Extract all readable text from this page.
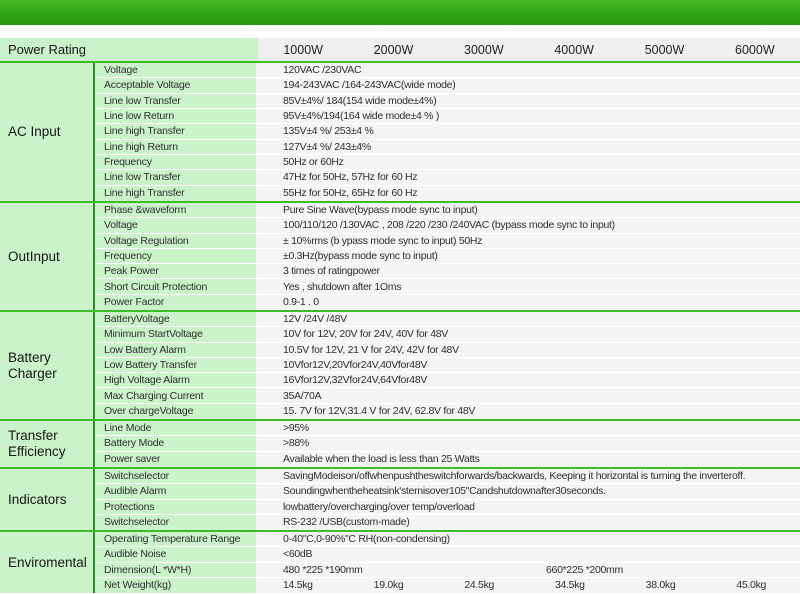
Power Rating	1000W	2000W	3000W	4000W	5000W	6000W
AC Input
Voltage	120VAC /230VAC
Acceptable Voltage	194-243VAC /164-243VAC(wide mode)
Line low Transfer	85V±4%/ 184(154 wide mode±4%)
Line low Return	95V±4%/194(164 wide mode±4 % )
Line high Transfer	135V±4 %/ 253±4 %
Line high Return	127V±4 %/ 243±4%
Frequency	50Hz or 60Hz
Line low Transfer	47Hz for 50Hz, 57Hz for 60 Hz
Line high Transfer	55Hz for 50Hz, 65Hz for 60 Hz
OutInput
Phase &waveform	Pure Sine Wave(bypass mode sync to input)
Voltage	100/110/120 /130VAC , 208 /220 /230 /240VAC (bypass mode sync to input)
Voltage Regulation	± 10%rms (b ypass mode sync to input) 50Hz
Frequency	±0.3Hz(bypass mode sync to input)
Peak Power	3 times of ratingpower
Short Circuit Protection	Yes , shutdown after 1Oms
Power Factor	0.9-1 . 0
Battery Charger
BatteryVoltage	12V /24V /48V
Minimum StartVoltage	10V for 12V, 20V for 24V, 40V for 48V
Low Battery Alarm	10.5V for 12V, 21 V for 24V, 42V for 48V
Low Battery Transfer	10Vfor12V,20Vfor24V,40Vfor48V
High Voltage Alarm	16Vfor12V,32Vfor24V,64Vfor48V
Max Charging Current	35A/70A
Over chargeVoltage	15. 7V for 12V,31.4 V for 24V, 62.8V for 48V
Transfer Efficiency
Line Mode	>95%
Battery Mode	>88%
Power saver	Available when the load is less than 25 Watts
Indicators
Switchselector	SavingModeison/offwhenpushtheswitchforwards/backwards, Keeping it horizontal is turning the inverteroff.
Audible Alarm	Soundingwhentheheatsink'sternisover105"Candshutdownafter30seconds.
Protections	lowbattery/overcharging/over temp/overload
Switchselector	RS-232 /USB(custom-made)
Enviromental
Operating Temperature Range	0-40"C,0-90%"C RH(non-condensing)
Audible Noise	<60dB
Dimension(L *W*H)	480 *225 *190mm	660*225 *200mm
Net Weight(kg)	14.5kg	19.0kg	24.5kg	34.5kg	38.0kg	45.0kg
